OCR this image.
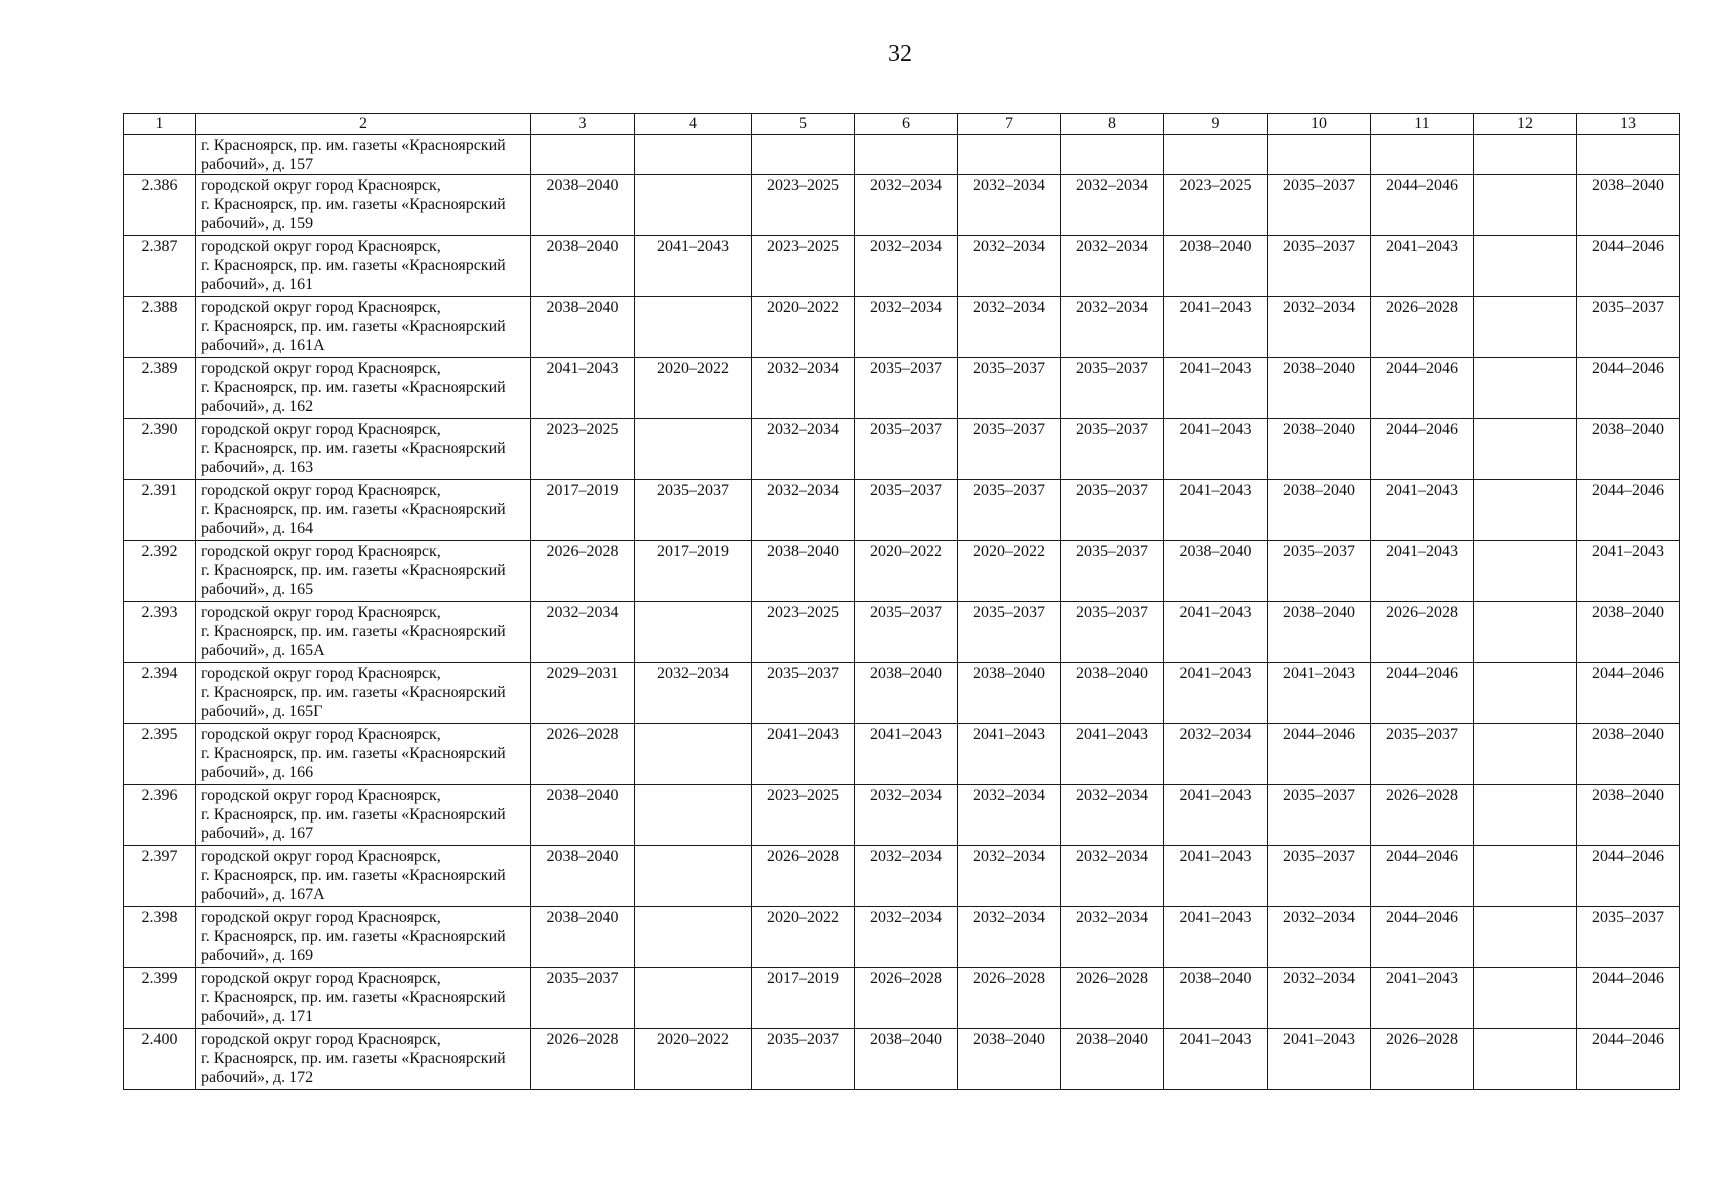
32
1	2	3	4	5	6	7	8	9	10	11	12	13

	г. Красноярск, пр. им. газеты «Красноярский
рабочий», д. 157											

2.386	городской округ город Красноярск,
г. Красноярск, пр. им. газеты «Красноярский
рабочий», д. 159	2038–2040		2023–2025	2032–2034	2032–2034	2032–2034	2023–2025	2035–2037	2044–2046		2038–2040
2.387	городской округ город Красноярск,
г. Красноярск, пр. им. газеты «Красноярский
рабочий», д. 161	2038–2040	2041–2043	2023–2025	2032–2034	2032–2034	2032–2034	2038–2040	2035–2037	2041–2043		2044–2046
2.388	городской округ город Красноярск,
г. Красноярск, пр. им. газеты «Красноярский
рабочий», д. 161А	2038–2040		2020–2022	2032–2034	2032–2034	2032–2034	2041–2043	2032–2034	2026–2028		2035–2037
2.389	городской округ город Красноярск,
г. Красноярск, пр. им. газеты «Красноярский
рабочий», д. 162	2041–2043	2020–2022	2032–2034	2035–2037	2035–2037	2035–2037	2041–2043	2038–2040	2044–2046		2044–2046
2.390	городской округ город Красноярск,
г. Красноярск, пр. им. газеты «Красноярский
рабочий», д. 163	2023–2025		2032–2034	2035–2037	2035–2037	2035–2037	2041–2043	2038–2040	2044–2046		2038–2040
2.391	городской округ город Красноярск,
г. Красноярск, пр. им. газеты «Красноярский
рабочий», д. 164	2017–2019	2035–2037	2032–2034	2035–2037	2035–2037	2035–2037	2041–2043	2038–2040	2041–2043		2044–2046
2.392	городской округ город Красноярск,
г. Красноярск, пр. им. газеты «Красноярский
рабочий», д. 165	2026–2028	2017–2019	2038–2040	2020–2022	2020–2022	2035–2037	2038–2040	2035–2037	2041–2043		2041–2043
2.393	городской округ город Красноярск,
г. Красноярск, пр. им. газеты «Красноярский
рабочий», д. 165А	2032–2034		2023–2025	2035–2037	2035–2037	2035–2037	2041–2043	2038–2040	2026–2028		2038–2040
2.394	городской округ город Красноярск,
г. Красноярск, пр. им. газеты «Красноярский
рабочий», д. 165Г	2029–2031	2032–2034	2035–2037	2038–2040	2038–2040	2038–2040	2041–2043	2041–2043	2044–2046		2044–2046
2.395	городской округ город Красноярск,
г. Красноярск, пр. им. газеты «Красноярский
рабочий», д. 166	2026–2028		2041–2043	2041–2043	2041–2043	2041–2043	2032–2034	2044–2046	2035–2037		2038–2040
2.396	городской округ город Красноярск,
г. Красноярск, пр. им. газеты «Красноярский
рабочий», д. 167	2038–2040		2023–2025	2032–2034	2032–2034	2032–2034	2041–2043	2035–2037	2026–2028		2038–2040
2.397	городской округ город Красноярск,
г. Красноярск, пр. им. газеты «Красноярский
рабочий», д. 167А	2038–2040		2026–2028	2032–2034	2032–2034	2032–2034	2041–2043	2035–2037	2044–2046		2044–2046
2.398	городской округ город Красноярск,
г. Красноярск, пр. им. газеты «Красноярский
рабочий», д. 169	2038–2040		2020–2022	2032–2034	2032–2034	2032–2034	2041–2043	2032–2034	2044–2046		2035–2037
2.399	городской округ город Красноярск,
г. Красноярск, пр. им. газеты «Красноярский
рабочий», д. 171	2035–2037		2017–2019	2026–2028	2026–2028	2026–2028	2038–2040	2032–2034	2041–2043		2044–2046
2.400	городской округ город Красноярск,
г. Красноярск, пр. им. газеты «Красноярский
рабочий», д. 172	2026–2028	2020–2022	2035–2037	2038–2040	2038–2040	2038–2040	2041–2043	2041–2043	2026–2028		2044–2046
